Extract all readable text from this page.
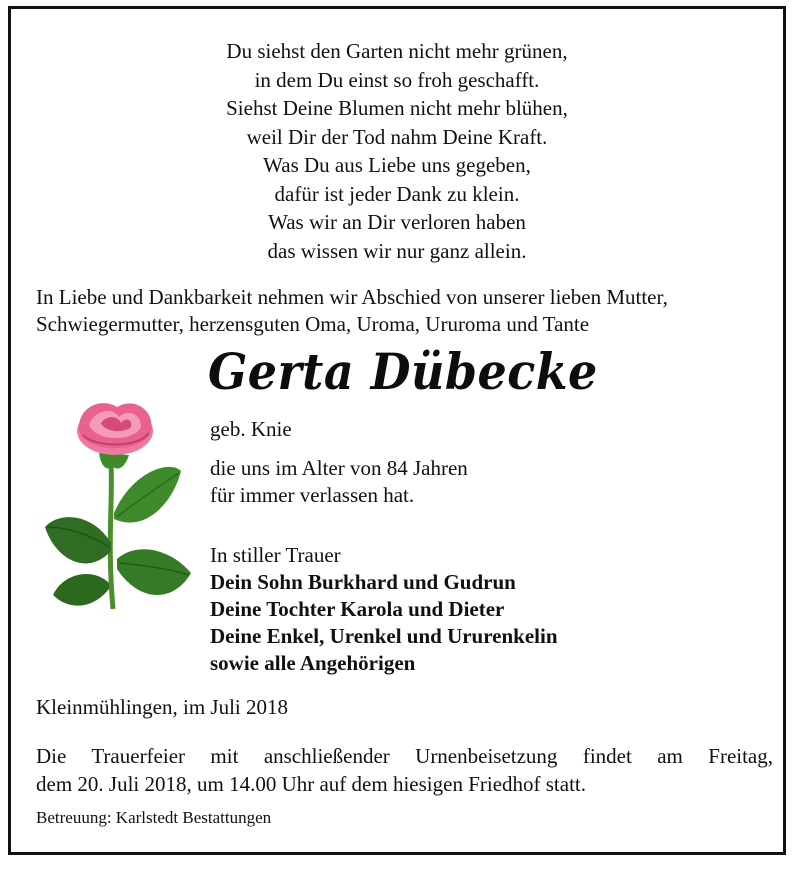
Du siehst den Garten nicht mehr grünen,
in dem Du einst so froh geschafft.
Siehst Deine Blumen nicht mehr blühen,
weil Dir der Tod nahm Deine Kraft.
Was Du aus Liebe uns gegeben,
dafür ist jeder Dank zu klein.
Was wir an Dir verloren haben
das wissen wir nur ganz allein.
In Liebe und Dankbarkeit nehmen wir Abschied von unserer lieben Mutter,
Schwiegermutter, herzensguten Oma, Uroma, Ururoma und Tante
Gerta Dübecke
geb. Knie
die uns im Alter von 84 Jahren
für immer verlassen hat.
In stiller Trauer
Dein Sohn Burkhard und Gudrun
Deine Tochter Karola und Dieter
Deine Enkel, Urenkel und Ururenkelin
sowie alle Angehörigen
Kleinmühlingen, im Juli 2018
Die Trauerfeier mit anschließender Urnenbeisetzung findet am Freitag,
dem 20. Juli 2018, um 14.00 Uhr auf dem hiesigen Friedhof statt.
Betreuung: Karlstedt Bestattungen
